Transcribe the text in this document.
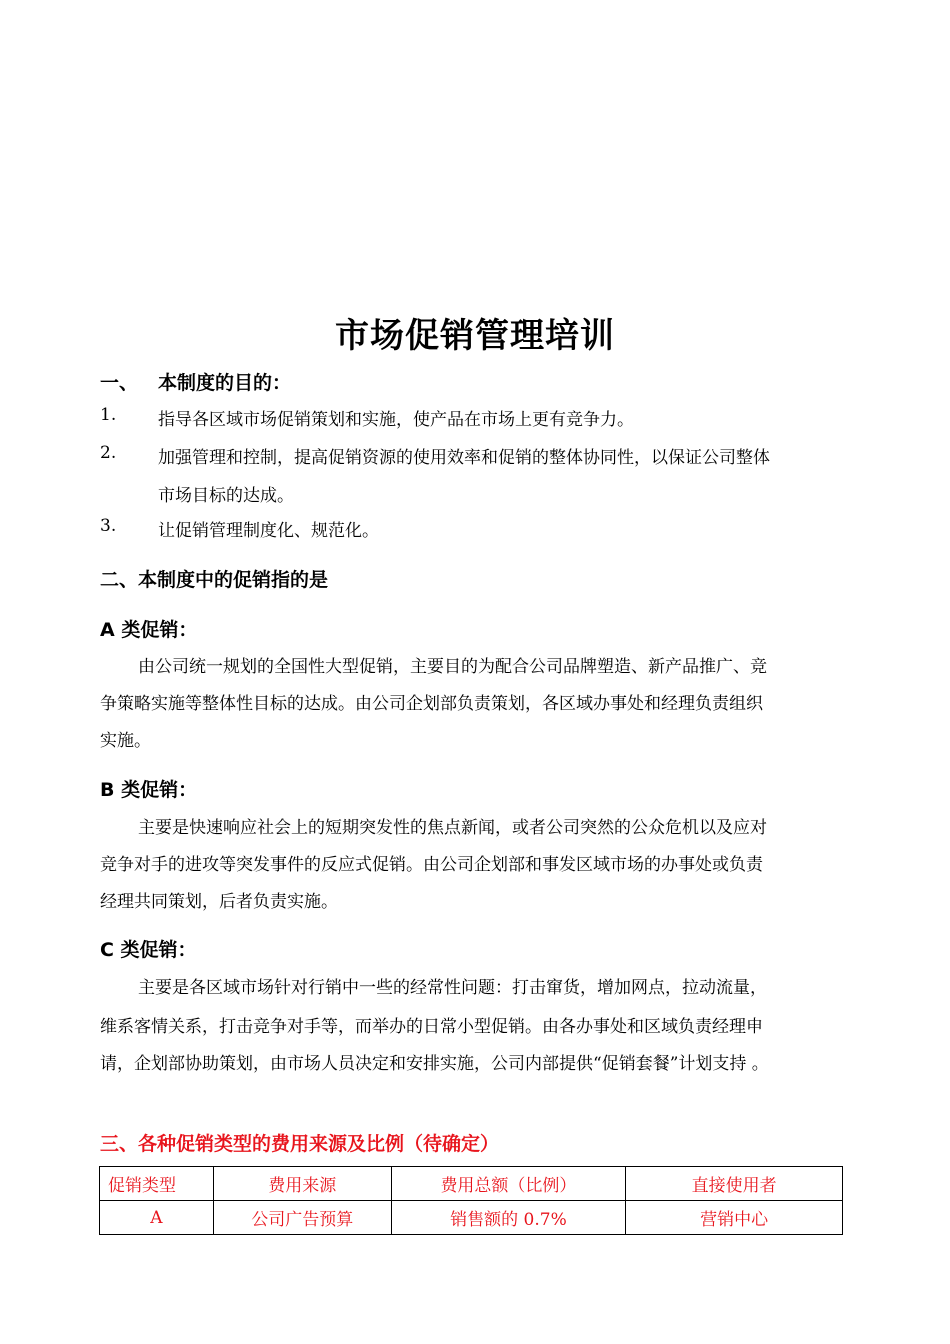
市场促销管理培训
一、 本制度的目的：
1. 指导各区域市场促销策划和实施，使产品在市场上更有竞争力。
2. 加强管理和控制，提高促销资源的使用效率和促销的整体协同性，以保证公司整体
市场目标的达成。
3. 让促销管理制度化、规范化。
二、本制度中的促销指的是
A 类促销：
由公司统一规划的全国性大型促销，主要目的为配合公司品牌塑造、新产品推广、竞
争策略实施等整体性目标的达成。由公司企划部负责策划，各区域办事处和经理负责组织
实施。
B 类促销：
主要是快速响应社会上的短期突发性的焦点新闻，或者公司突然的公众危机以及应对
竞争对手的进攻等突发事件的反应式促销。由公司企划部和事发区域市场的办事处或负责
经理共同策划，后者负责实施。
C 类促销：
主要是各区域市场针对行销中一些的经常性问题：打击窜货，增加网点，拉动流量，
维系客情关系，打击竞争对手等，而举办的日常小型促销。由各办事处和区域负责经理申
请，企划部协助策划，由市场人员决定和安排实施，公司内部提供“促销套餐”计划支持 。
三、各种促销类型的费用来源及比例（待确定）
促销类型	费用来源	费用总额（比例）	直接使用者
A	公司广告预算	销售额的 0.7%	营销中心
